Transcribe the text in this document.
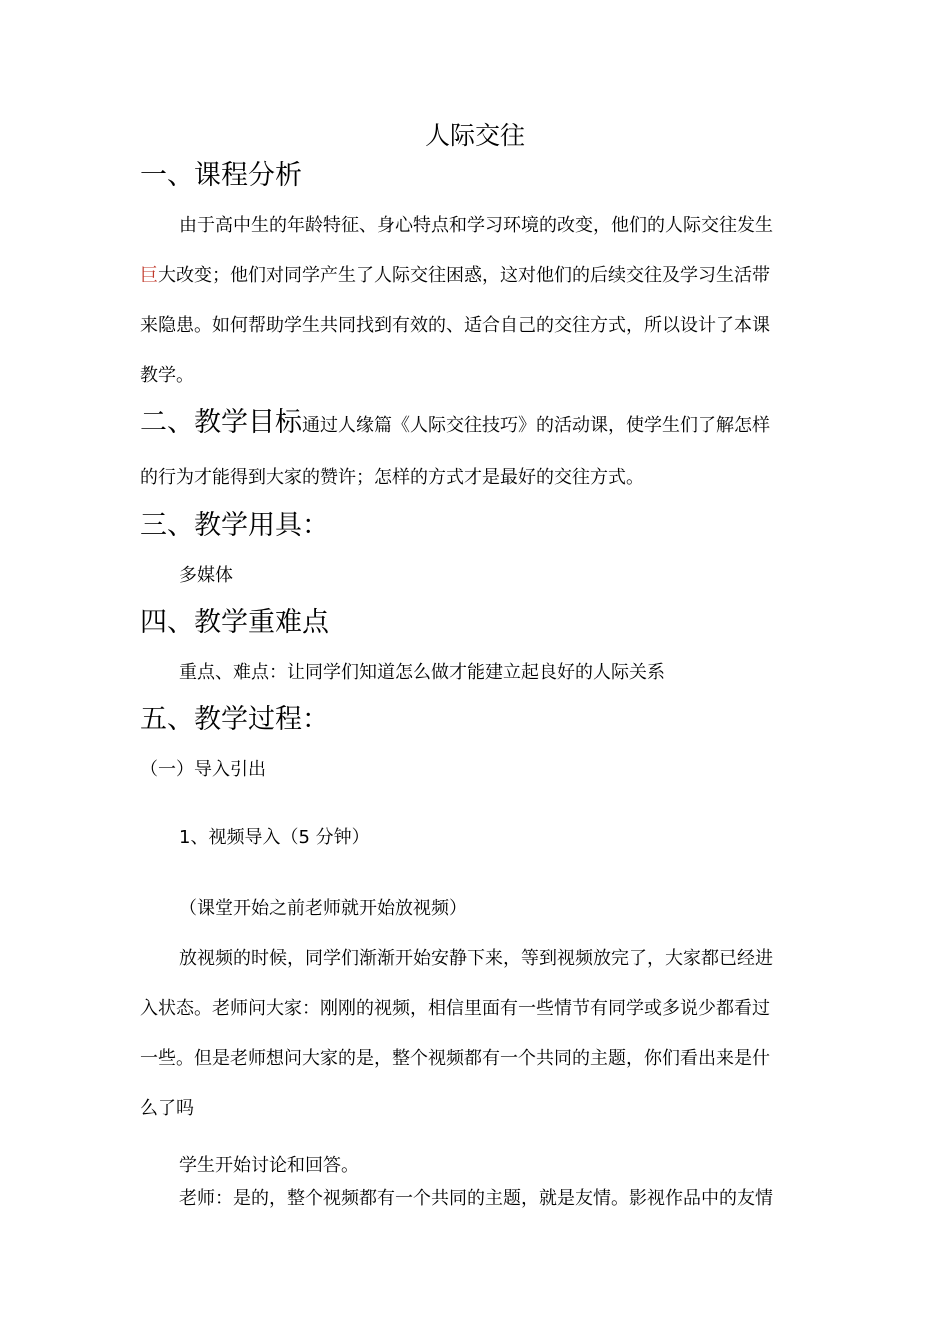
人际交往
一、课程分析
由于高中生的年龄特征、身心特点和学习环境的改变，他们的人际交往发生
巨大改变；他们对同学产生了人际交往困惑，这对他们的后续交往及学习生活带
来隐患。如何帮助学生共同找到有效的、适合自己的交往方式，所以设计了本课
教学。
二、教学目标通过人缘篇《人际交往技巧》的活动课，使学生们了解怎样
的行为才能得到大家的赞许；怎样的方式才是最好的交往方式。
三、教学用具：
多媒体
四、教学重难点
重点、难点：让同学们知道怎么做才能建立起良好的人际关系
五、教学过程：
（一）导入引出
1、视频导入（5 分钟）
（课堂开始之前老师就开始放视频）
放视频的时候，同学们渐渐开始安静下来，等到视频放完了，大家都已经进
入状态。老师问大家：刚刚的视频，相信里面有一些情节有同学或多说少都看过
一些。但是老师想问大家的是，整个视频都有一个共同的主题，你们看出来是什
么了吗
学生开始讨论和回答。
老师：是的，整个视频都有一个共同的主题，就是友情。影视作品中的友情
